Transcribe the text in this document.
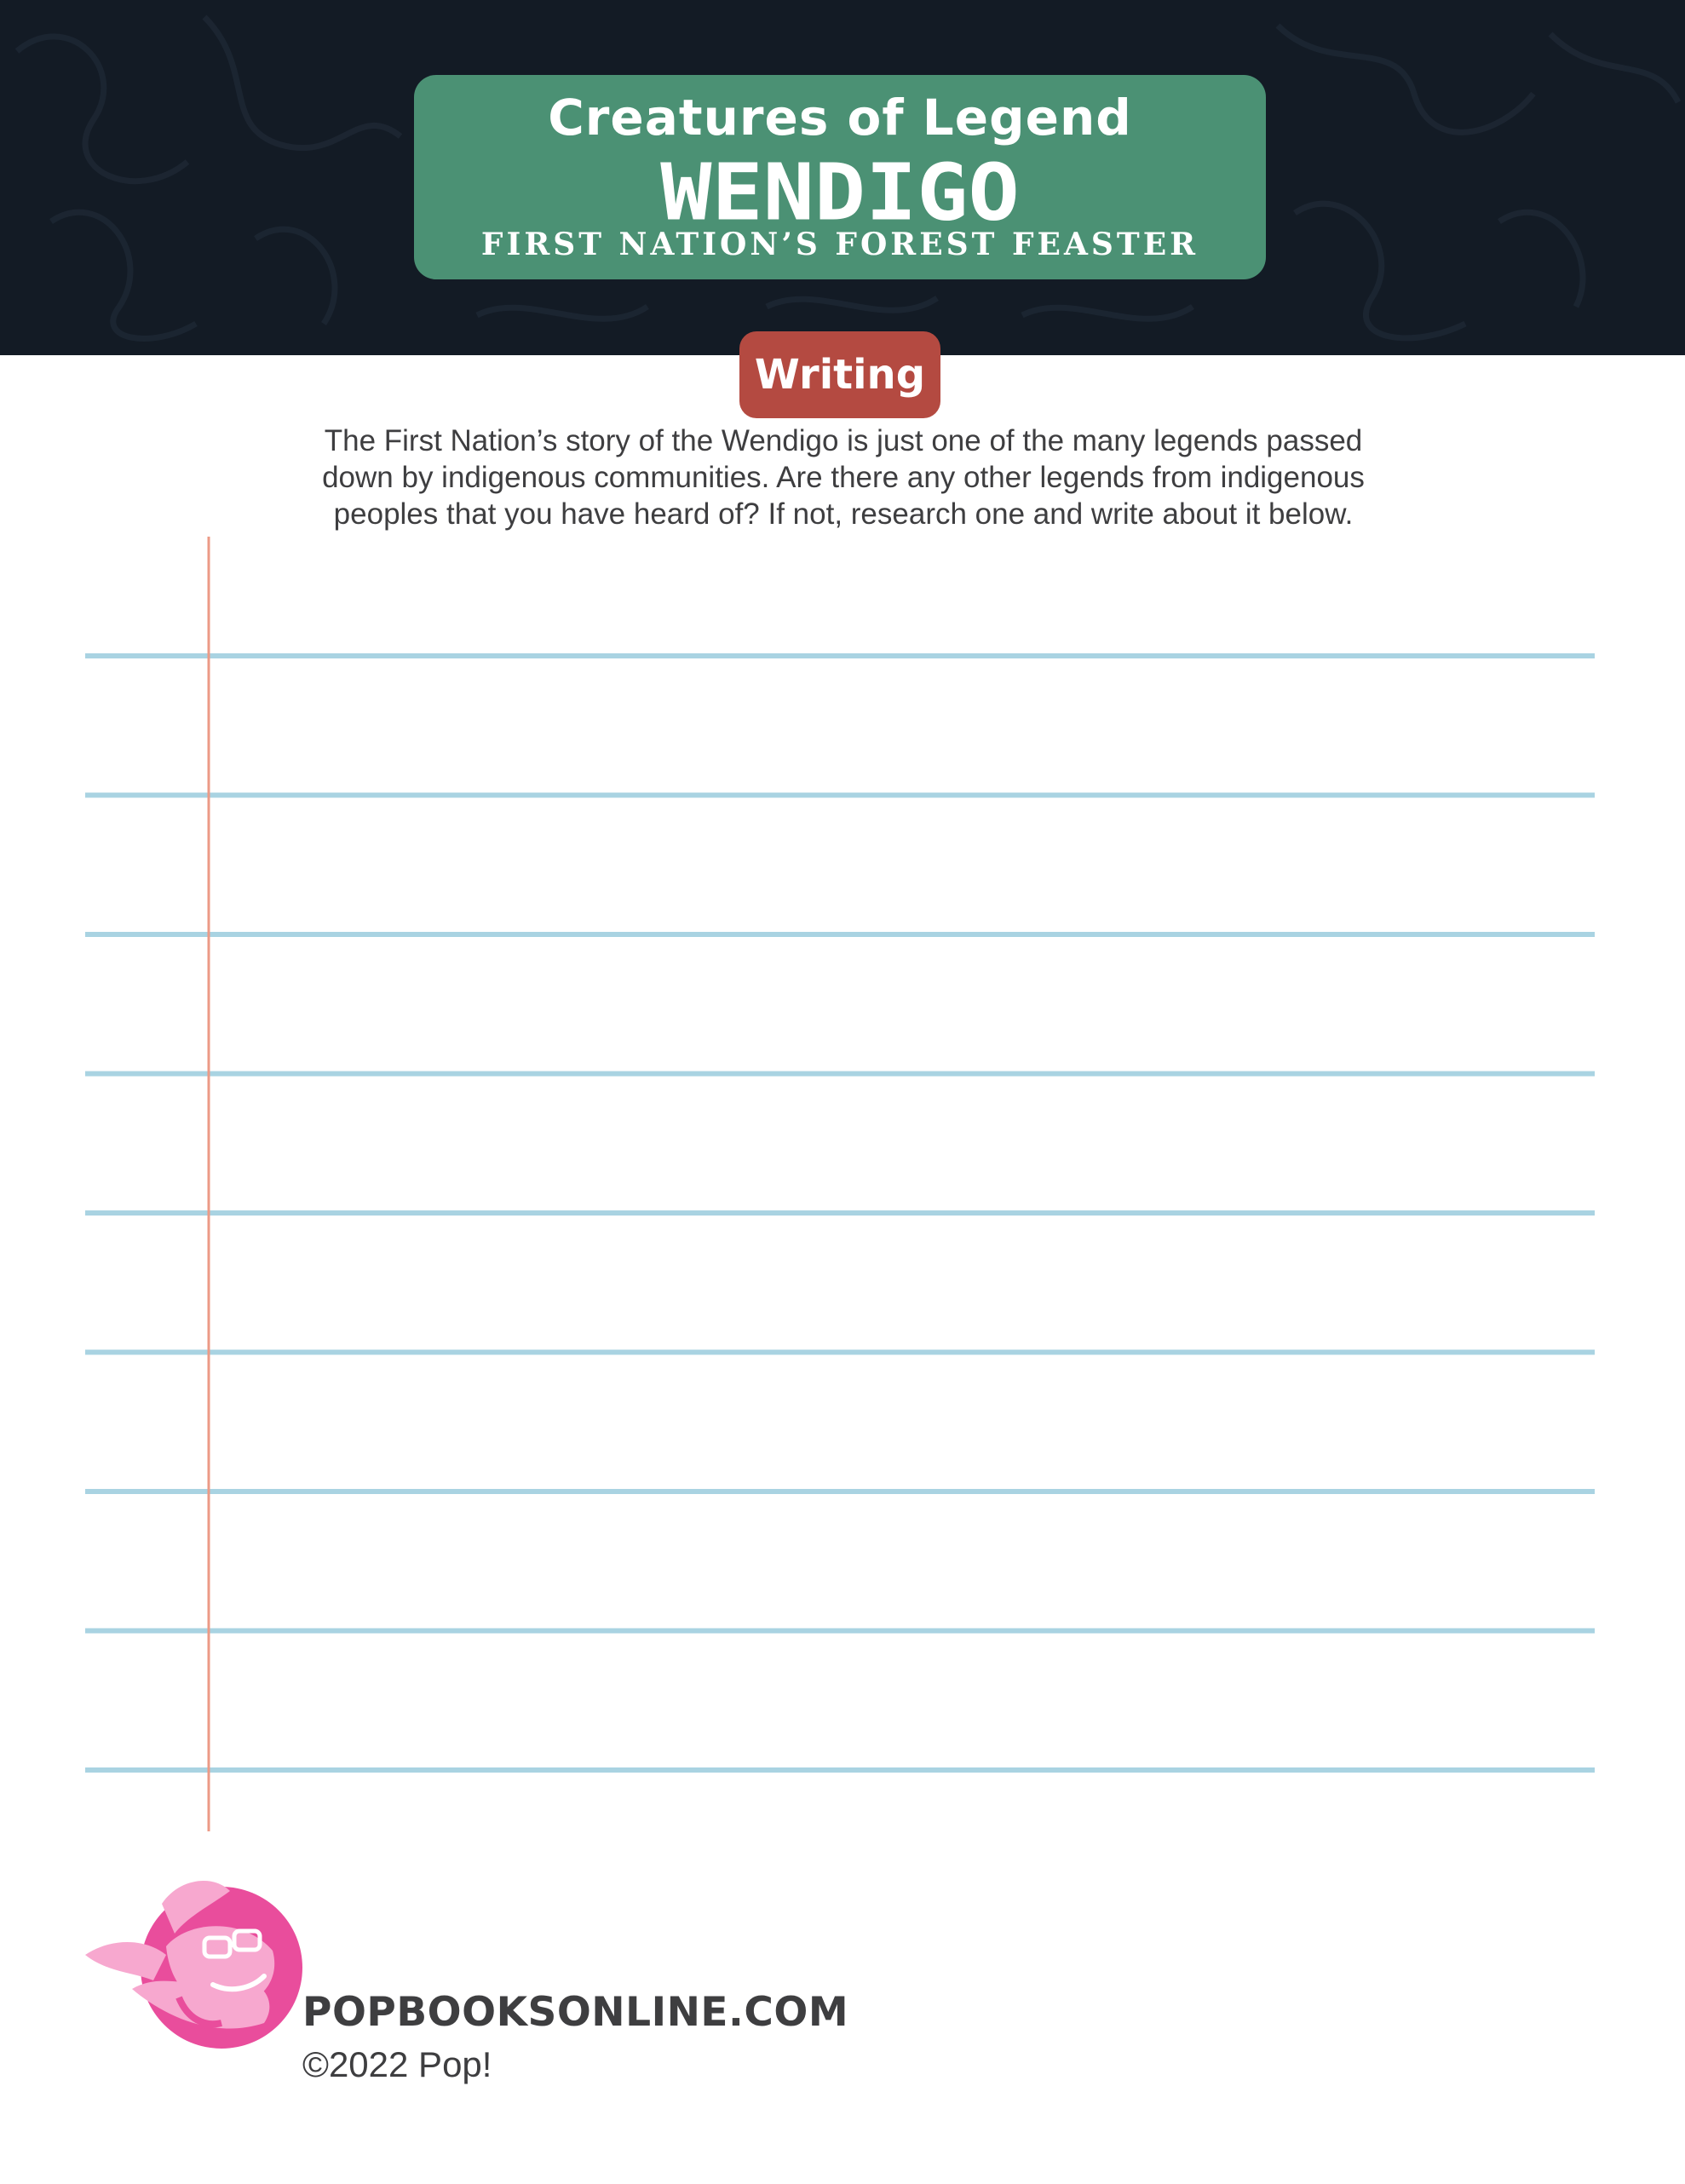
Creatures of Legend
WENDIGO
FIRST NATION’S FOREST FEASTER
Writing
The First Nation’s story of the Wendigo is just one of the many legends passed
down by indigenous communities. Are there any other legends from indigenous
peoples that you have heard of? If not, research one and write about it below.
POPBOOKSONLINE.COM
©2022 Pop!
